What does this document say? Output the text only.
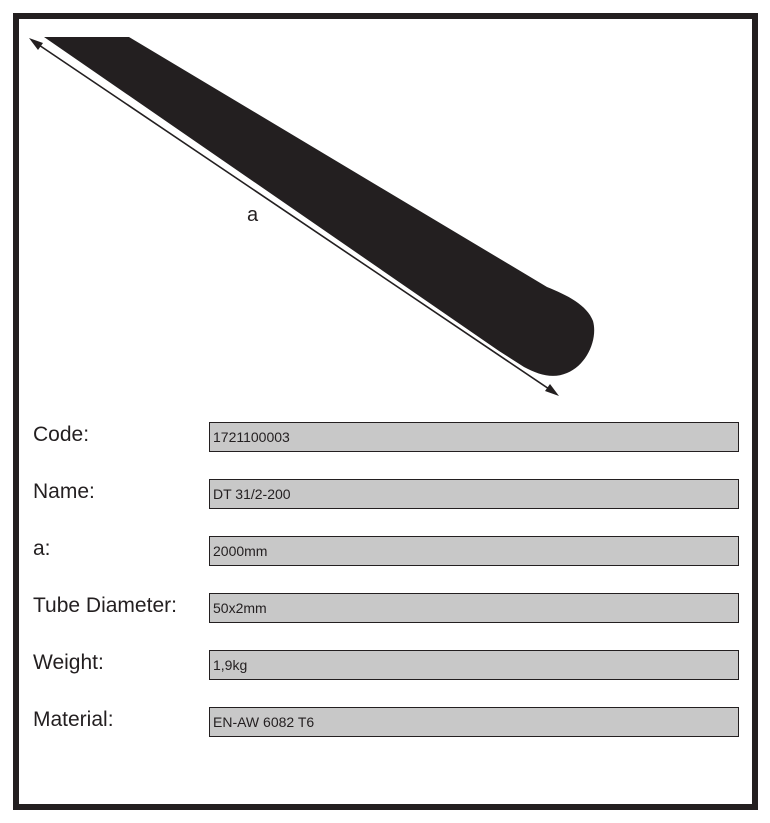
a
Code:	1721100003
Name:	DT 31/2-200
a:	2000mm
Tube Diameter:	50x2mm
Weight:	1,9kg
Material:	EN-AW 6082 T6
